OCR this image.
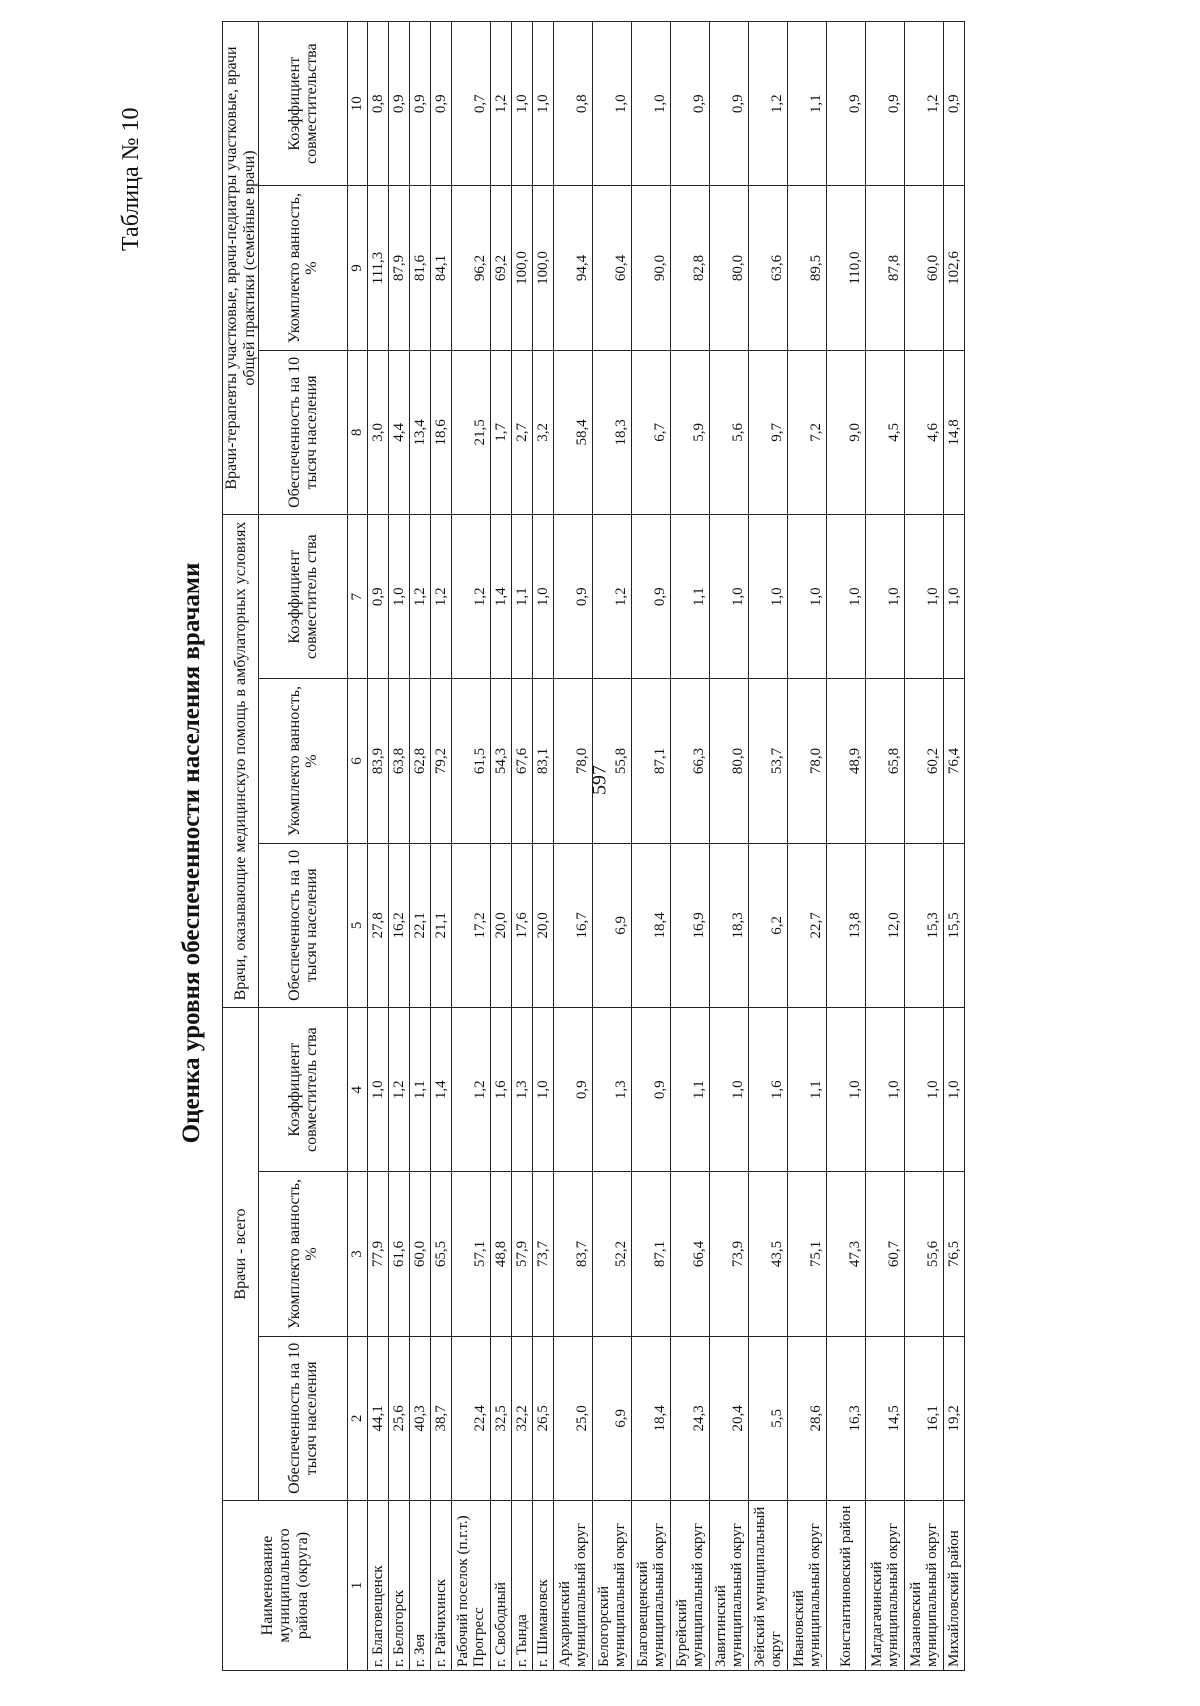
597
Таблица № 10
Оценка уровня обеспеченности населения врачами
Наименование муниципального района (округа)	Врачи - всего			Врачи, оказывающие медицинскую помощь в амбулаторных условиях			Врачи-терапевты участковые, врачи-педиатры участковые, врачи общей практики (семейные врачи)		
	Обеспеченность на 10 тысяч населения	Укомплекто ванность, %	Коэффициент совместитель ства	Обеспеченность на 10 тысяч населения	Укомплекто ванность, %	Коэффициент совместитель ства	Обеспеченность на 10 тысяч населения	Укомплекто ванность, %	Коэффициент совместительства
1	2	3	4	5	6	7	8	9	10
г. Благовещенск	44,1	77,9	1,0	27,8	83,9	0,9	3,0	111,3	0,8
г. Белогорск	25,6	61,6	1,2	16,2	63,8	1,0	4,4	87,9	0,9
г. Зея	40,3	60,0	1,1	22,1	62,8	1,2	13,4	81,6	0,9
г. Райчихинск	38,7	65,5	1,4	21,1	79,2	1,2	18,6	84,1	0,9
Рабочий поселок (п.г.т.) Прогресс	22,4	57,1	1,2	17,2	61,5	1,2	21,5	96,2	0,7
г. Свободный	32,5	48,8	1,6	20,0	54,3	1,4	1,7	69,2	1,2
г. Тында	32,2	57,9	1,3	17,6	67,6	1,1	2,7	100,0	1,0
г. Шимановск	26,5	73,7	1,0	20,0	83,1	1,0	3,2	100,0	1,0
Архаринский муниципальный округ	25,0	83,7	0,9	16,7	78,0	0,9	58,4	94,4	0,8
Белогорский муниципальный округ	6,9	52,2	1,3	6,9	55,8	1,2	18,3	60,4	1,0
Благовещенский муниципальный округ	18,4	87,1	0,9	18,4	87,1	0,9	6,7	90,0	1,0
Бурейский муниципальный округ	24,3	66,4	1,1	16,9	66,3	1,1	5,9	82,8	0,9
Завитинский муниципальный округ	20,4	73,9	1,0	18,3	80,0	1,0	5,6	80,0	0,9
Зейский муниципальный округ	5,5	43,5	1,6	6,2	53,7	1,0	9,7	63,6	1,2
Ивановский муниципальный округ	28,6	75,1	1,1	22,7	78,0	1,0	7,2	89,5	1,1
Константиновский район	16,3	47,3	1,0	13,8	48,9	1,0	9,0	110,0	0,9
Магдагачинский муниципальный округ	14,5	60,7	1,0	12,0	65,8	1,0	4,5	87,8	0,9
Мазановский муниципальный округ	16,1	55,6	1,0	15,3	60,2	1,0	4,6	60,0	1,2
Михайловский район	19,2	76,5	1,0	15,5	76,4	1,0	14,8	102,6	0,9
